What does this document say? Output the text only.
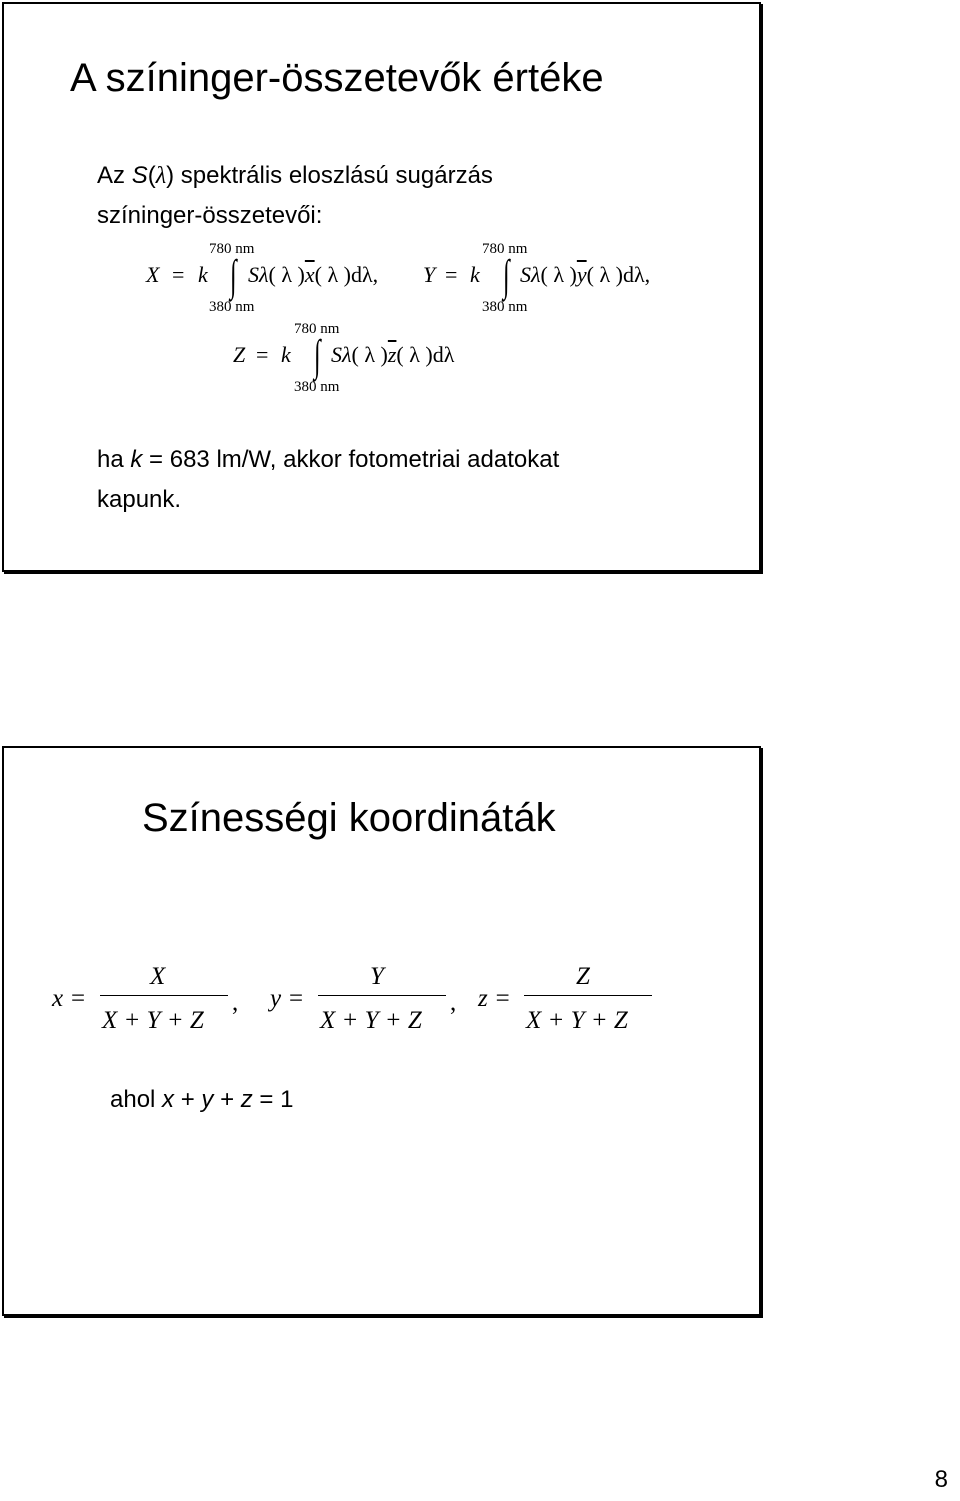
A színinger-összetevők értéke
Az S(λ) spektrális eloszlású sugárzás
színinger-összetevői:
780 nm
X = k ∫ Sλ( λ )$\overline{x}$( λ )dλ,
380 nm
780 nm
Y = k ∫ Sλ( λ )$\overline{y}$( λ )dλ,
380 nm
780 nm
Z = k ∫ Sλ( λ )$\overline{z}$( λ )dλ
380 nm
ha k = 683 lm/W, akkor fotometriai adatokat
kapunk.
Színességi koordináták
x =
X
X + Y + Z
, y =
Y
X + Y + Z
, z =
Z
X + Y + Z
ahol x + y + z = 1
8
